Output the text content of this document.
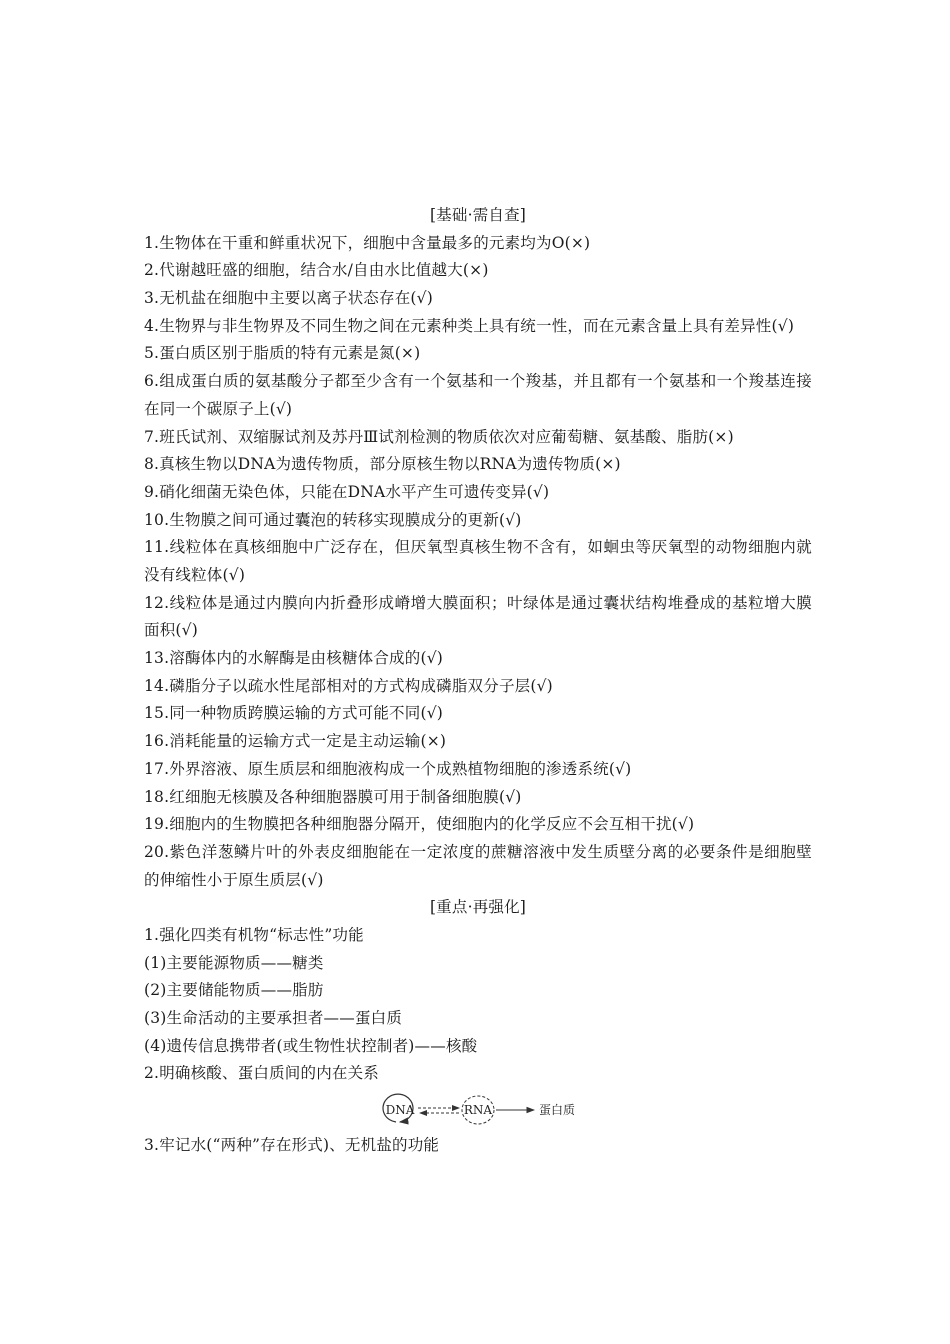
[基础·需自查]
1.生物体在干重和鲜重状况下，细胞中含量最多的元素均为O(×)
2.代谢越旺盛的细胞，结合水/自由水比值越大(×)
3.无机盐在细胞中主要以离子状态存在(√)
4.生物界与非生物界及不同生物之间在元素种类上具有统一性，而在元素含量上具有差异性(√)
5.蛋白质区别于脂质的特有元素是氮(×)
6.组成蛋白质的氨基酸分子都至少含有一个氨基和一个羧基，并且都有一个氨基和一个羧基连接在同一个碳原子上(√)
7.班氏试剂、双缩脲试剂及苏丹Ⅲ试剂检测的物质依次对应葡萄糖、氨基酸、脂肪(×)
8.真核生物以DNA为遗传物质，部分原核生物以RNA为遗传物质(×)
9.硝化细菌无染色体，只能在DNA水平产生可遗传变异(√)
10.生物膜之间可通过囊泡的转移实现膜成分的更新(√)
11.线粒体在真核细胞中广泛存在，但厌氧型真核生物不含有，如蛔虫等厌氧型的动物细胞内就没有线粒体(√)
12.线粒体是通过内膜向内折叠形成嵴增大膜面积；叶绿体是通过囊状结构堆叠成的基粒增大膜面积(√)
13.溶酶体内的水解酶是由核糖体合成的(√)
14.磷脂分子以疏水性尾部相对的方式构成磷脂双分子层(√)
15.同一种物质跨膜运输的方式可能不同(√)
16.消耗能量的运输方式一定是主动运输(×)
17.外界溶液、原生质层和细胞液构成一个成熟植物细胞的渗透系统(√)
18.红细胞无核膜及各种细胞器膜可用于制备细胞膜(√)
19.细胞内的生物膜把各种细胞器分隔开，使细胞内的化学反应不会互相干扰(√)
20.紫色洋葱鳞片叶的外表皮细胞能在一定浓度的蔗糖溶液中发生质壁分离的必要条件是细胞壁的伸缩性小于原生质层(√)
[重点·再强化]
1.强化四类有机物“标志性”功能
(1)主要能源物质——糖类
(2)主要储能物质——脂肪
(3)生命活动的主要承担者——蛋白质
(4)遗传信息携带者(或生物性状控制者)——核酸
2.明确核酸、蛋白质间的内在关系
DNA	RNA	蛋白质
3.牢记水(“两种”存在形式)、无机盐的功能
